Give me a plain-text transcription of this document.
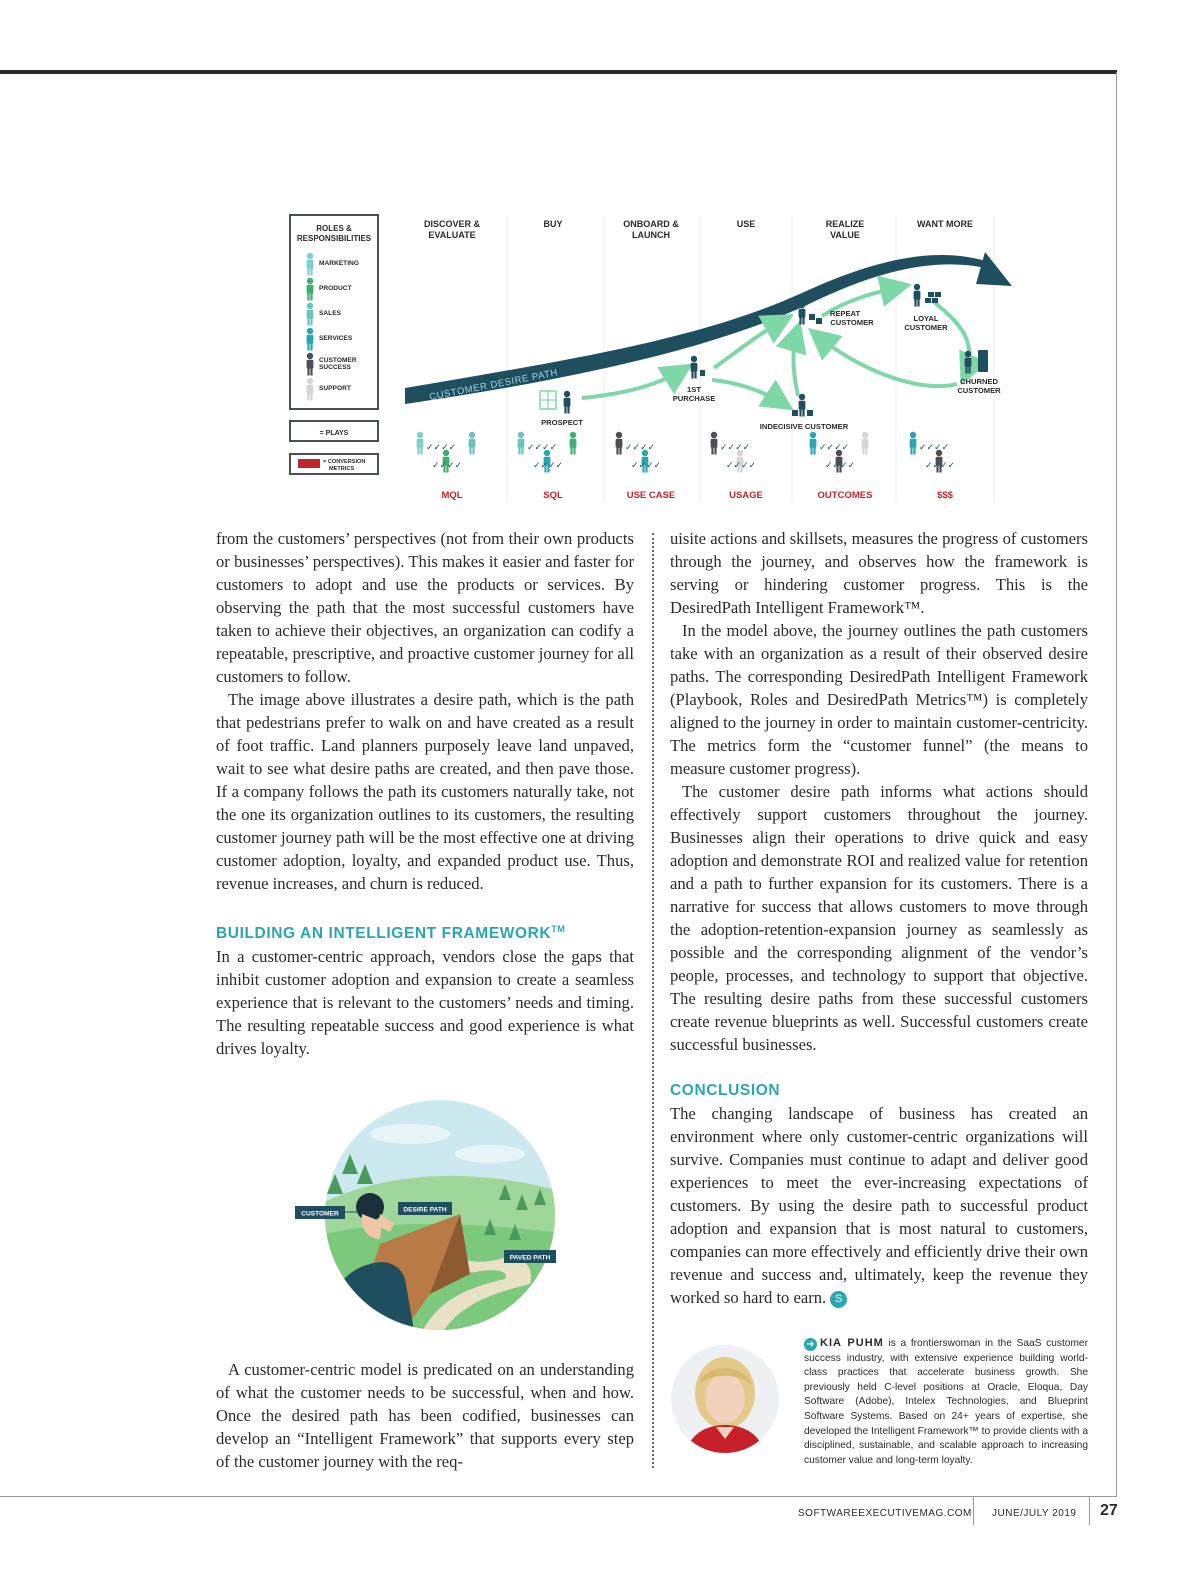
ROLES &
RESPONSIBILITIES
MARKETING
PRODUCT
SALES
SERVICES
CUSTOMER
SUCCESS
SUPPORT
= PLAYS
= CONVERSION
METRICS
DISCOVER &
EVALUATE
BUY	ONBOARD &
LAUNCH
USE	REALIZE
VALUE
WANT MORE
CUSTOMER DESIRE PATH
PROSPECT
1ST
PURCHASE
INDECISIVE CUSTOMER
REPEAT
CUSTOMER	LOYAL
CUSTOMER
CHURNED
CUSTOMER
✓✓✓✓
✓✓✓✓
✓✓✓✓
✓✓✓✓
✓✓✓✓
✓✓✓✓
✓✓✓✓
✓✓✓✓
✓✓✓✓
✓✓✓✓
✓✓✓✓
✓✓✓✓
MQL	SQL	USE CASE	USAGE	OUTCOMES	$$$

from the customers’ perspectives (not from their own products or businesses’ perspectives). This makes it easier and faster for customers to adopt and use the products or services. By observing the path that the most successful customers have taken to achieve their objectives, an organization can codify a repeatable, prescriptive, and proactive customer journey for all customers to follow.

The image above illustrates a desire path, which is the path that pedestrians prefer to walk on and have created as a result of foot traffic. Land planners purposely leave land unpaved, wait to see what desire paths are created, and then pave those. If a company follows the path its customers naturally take, not the one its organization outlines to its customers, the resulting customer journey path will be the most effective one at driving customer adoption, loyalty, and expanded product use. Thus, revenue increases, and churn is reduced.

BUILDING AN INTELLIGENT FRAMEWORK™

In a customer-centric approach, vendors close the gaps that inhibit customer adoption and expansion to create a seamless experience that is relevant to the customers’ needs and timing. The resulting repeatable success and good experience is what drives loyalty.

CUSTOMER
DESIRE PATH
PAVED PATH

A customer-centric model is predicated on an understanding of what the customer needs to be successful, when and how. Once the desired path has been codified, businesses can develop an “Intelligent Framework” that supports every step of the customer journey with the req-

uisite actions and skillsets, measures the progress of customers through the journey, and observes how the framework is serving or hindering customer progress. This is the DesiredPath Intelligent Framework™.

In the model above, the journey outlines the path customers take with an organization as a result of their observed desire paths. The corresponding DesiredPath Intelligent Framework (Playbook, Roles and DesiredPath Metrics™) is completely aligned to the journey in order to maintain customer-centricity. The metrics form the “customer funnel” (the means to measure customer progress).

The customer desire path informs what actions should effectively support customers throughout the journey. Businesses align their operations to drive quick and easy adoption and demonstrate ROI and realized value for retention and a path to further expansion for its customers. There is a narrative for success that allows customers to move through the adoption-retention-expansion journey as seamlessly as possible and the corresponding alignment of the vendor’s people, processes, and technology to support that objective. The resulting desire paths from these successful customers create revenue blueprints as well. Successful customers create successful businesses.

CONCLUSION

The changing landscape of business has created an environment where only customer-centric organizations will survive. Companies must continue to adapt and deliver good experiences to meet the ever-increasing expectations of customers. By using the desire path to successful product adoption and expansion that is most natural to customers, companies can more effectively and efficiently drive their own revenue and success and, ultimately, keep the revenue they worked so hard to earn. S

➜ KIA PUHM is a frontierswoman in the SaaS customer success industry, with extensive experience building world-class practices that accelerate business growth. She previously held C-level positions at Oracle, Eloqua, Day Software (Adobe), Intelex Technologies, and Blueprint Software Systems. Based on 24+ years of expertise, she developed the Intelligent Framework™ to provide clients with a disciplined, sustainable, and scalable approach to increasing customer value and long-term loyalty.
SOFTWAREEXECUTIVEMAG.COM JUNE/JULY 2019 27
